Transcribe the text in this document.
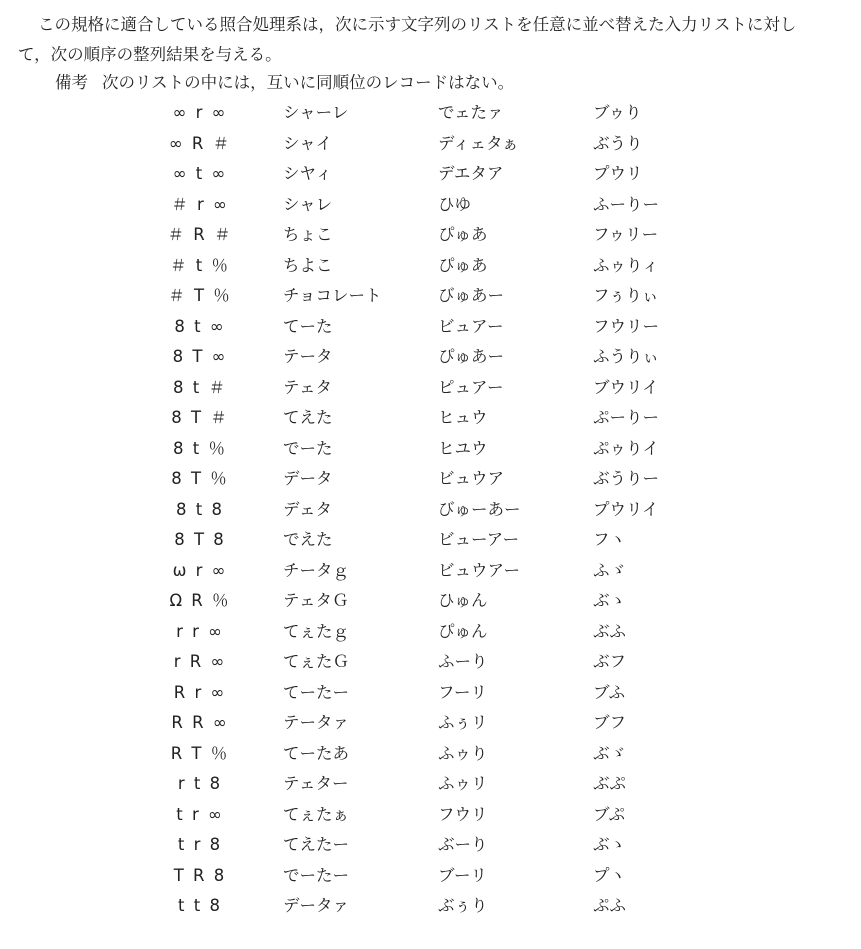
この規格に適合している照合処理系は，次に示す文字列のリストを任意に並べ替えた入力リストに対して，次の順序の整列結果を与える。

備考 次のリストの中には，互いに同順位のレコードはない。

∞ r ∞	シャーレ	でェたァ	ブゥり
∞ R ＃	シャイ	ディェタぁ	ぶうり
∞ t ∞	シヤィ	デエタア	プウリ
＃ r ∞	シャレ	ひゆ	ふーりー
＃ R ＃	ちょこ	ぴゅあ	フゥリー
＃ t ％	ちよこ	ぴゅあ	ふゥりィ
＃ T ％	チョコレート	びゅあー	フぅりぃ
8 t ∞	てーた	ビュアー	フウリー
8 T ∞	テータ	ぴゅあー	ふうりぃ
8 t ＃	テェタ	ピュアー	ブウリイ
8 T ＃	てえた	ヒュウ	ぷーりー
8 t ％	でーた	ヒユウ	ぷゥりイ
8 T ％	データ	ビュウア	ぶうりー
8 t 8	デェタ	びゅーあー	プウリイ
8 T 8	でえた	ビューアー	フヽ
ω r ∞	チータｇ	ビュウアー	ふゞ
Ω R ％	テェタＧ	ひゅん	ぶゝ
r r ∞	てぇたｇ	ぴゅん	ぶふ
r R ∞	てぇたＧ	ふーり	ぶフ
R r ∞	てーたー	フーリ	ブふ
R R ∞	テータァ	ふぅリ	ブフ
R T ％	てーたあ	ふゥり	ぶゞ
r t 8	テェター	ふゥリ	ぶぷ
t r ∞	てぇたぁ	フウリ	ブぷ
t r 8	てえたー	ぶーり	ぶゝ
T R 8	でーたー	ブーリ	プヽ
t t 8	データァ	ぶぅり	ぷふ
